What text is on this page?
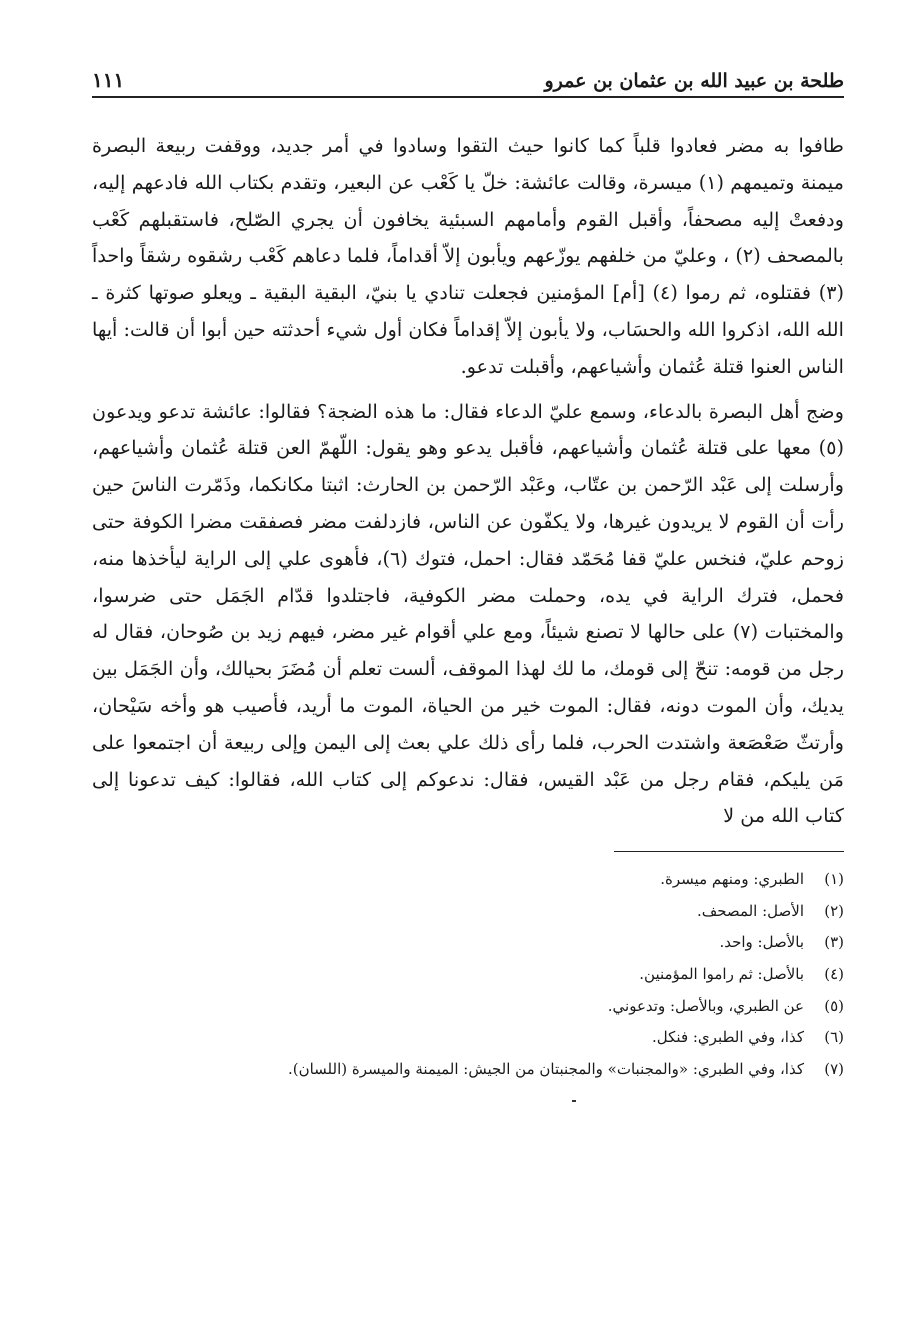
طلحة بن عبيد الله بن عثمان بن عمرو
١١١

طافوا به مضر فعادوا قلباً كما كانوا حيث التقوا وسادوا في أمر جديد، ووقفت ربيعة البصرة ميمنة وتميمهم (١) ميسرة، وقالت عائشة: خلّ يا كَعْب عن البعير، وتقدم بكتاب الله فادعهم إليه، ودفعتْ إليه مصحفاً، وأقبل القوم وأمامهم السبئية يخافون أن يجري الصّلح، فاستقبلهم كَعْب بالمصحف (٢) ، وعليّ من خلفهم يوزّعهم ويأبون إلاّ أقداماً، فلما دعاهم كَعْب رشقوه رشقاً واحداً (٣) فقتلوه، ثم رموا (٤) [أم] المؤمنين فجعلت تنادي يا بنيّ، البقية البقية ـ ويعلو صوتها كثرة ـ الله الله، اذكروا الله والحسَاب، ولا يأبون إلاّ إقداماً فكان أول شيء أحدثته حين أبوا أن قالت: أيها الناس العنوا قتلة عُثمان وأشياعهم، وأقبلت تدعو.

وضج أهل البصرة بالدعاء، وسمع عليّ الدعاء فقال: ما هذه الضجة؟ فقالوا: عائشة تدعو ويدعون (٥) معها على قتلة عُثمان وأشياعهم، فأقبل يدعو وهو يقول: اللّهمّ العن قتلة عُثمان وأشياعهم، وأرسلت إلى عَبْد الرّحمن بن عتّاب، وعَبْد الرّحمن بن الحارث: اثبتا مكانكما، وذَمّرت الناسَ حين رأت أن القوم لا يريدون غيرها، ولا يكفّون عن الناس، فازدلفت مضر فصفقت مضرا الكوفة حتى زوحم عليّ، فنخس عليّ قفا مُحَمّد فقال: احمل، فتوك (٦)، فأهوى علي إلى الراية ليأخذها منه، فحمل، فترك الراية في يده، وحملت مضر الكوفية، فاجتلدوا قدّام الجَمَل حتى ضرسوا، والمختبات (٧) على حالها لا تصنع شيئاً، ومع علي أقوام غير مضر، فيهم زيد بن صُوحان، فقال له رجل من قومه: تنحّ إلى قومك، ما لك لهذا الموقف، ألست تعلم أن مُضَرَ بحيالك، وأن الجَمَل بين يديك، وأن الموت دونه، فقال: الموت خير من الحياة، الموت ما أريد، فأصيب هو وأخه سَيْحان، وأرتثّ صَعْصَعة واشتدت الحرب، فلما رأى ذلك علي بعث إلى اليمن وإلى ربيعة أن اجتمعوا على مَن يليكم، فقام رجل من عَبْد القيس، فقال: ندعوكم إلى كتاب الله، فقالوا: كيف تدعونا إلى كتاب الله من لا

(١)
الطبري: ومنهم ميسرة.
(٢)
الأصل: المصحف.
(٣)
بالأصل: واحد.
(٤)
بالأصل: ثم راموا المؤمنين.
(٥)
عن الطبري، وبالأصل: وتدعوني.
(٦)
كذا، وفي الطبري: فنكل.
(٧)
كذا، وفي الطبري: «والمجنبات» والمجنبتان من الجيش: الميمنة والميسرة (اللسان).
